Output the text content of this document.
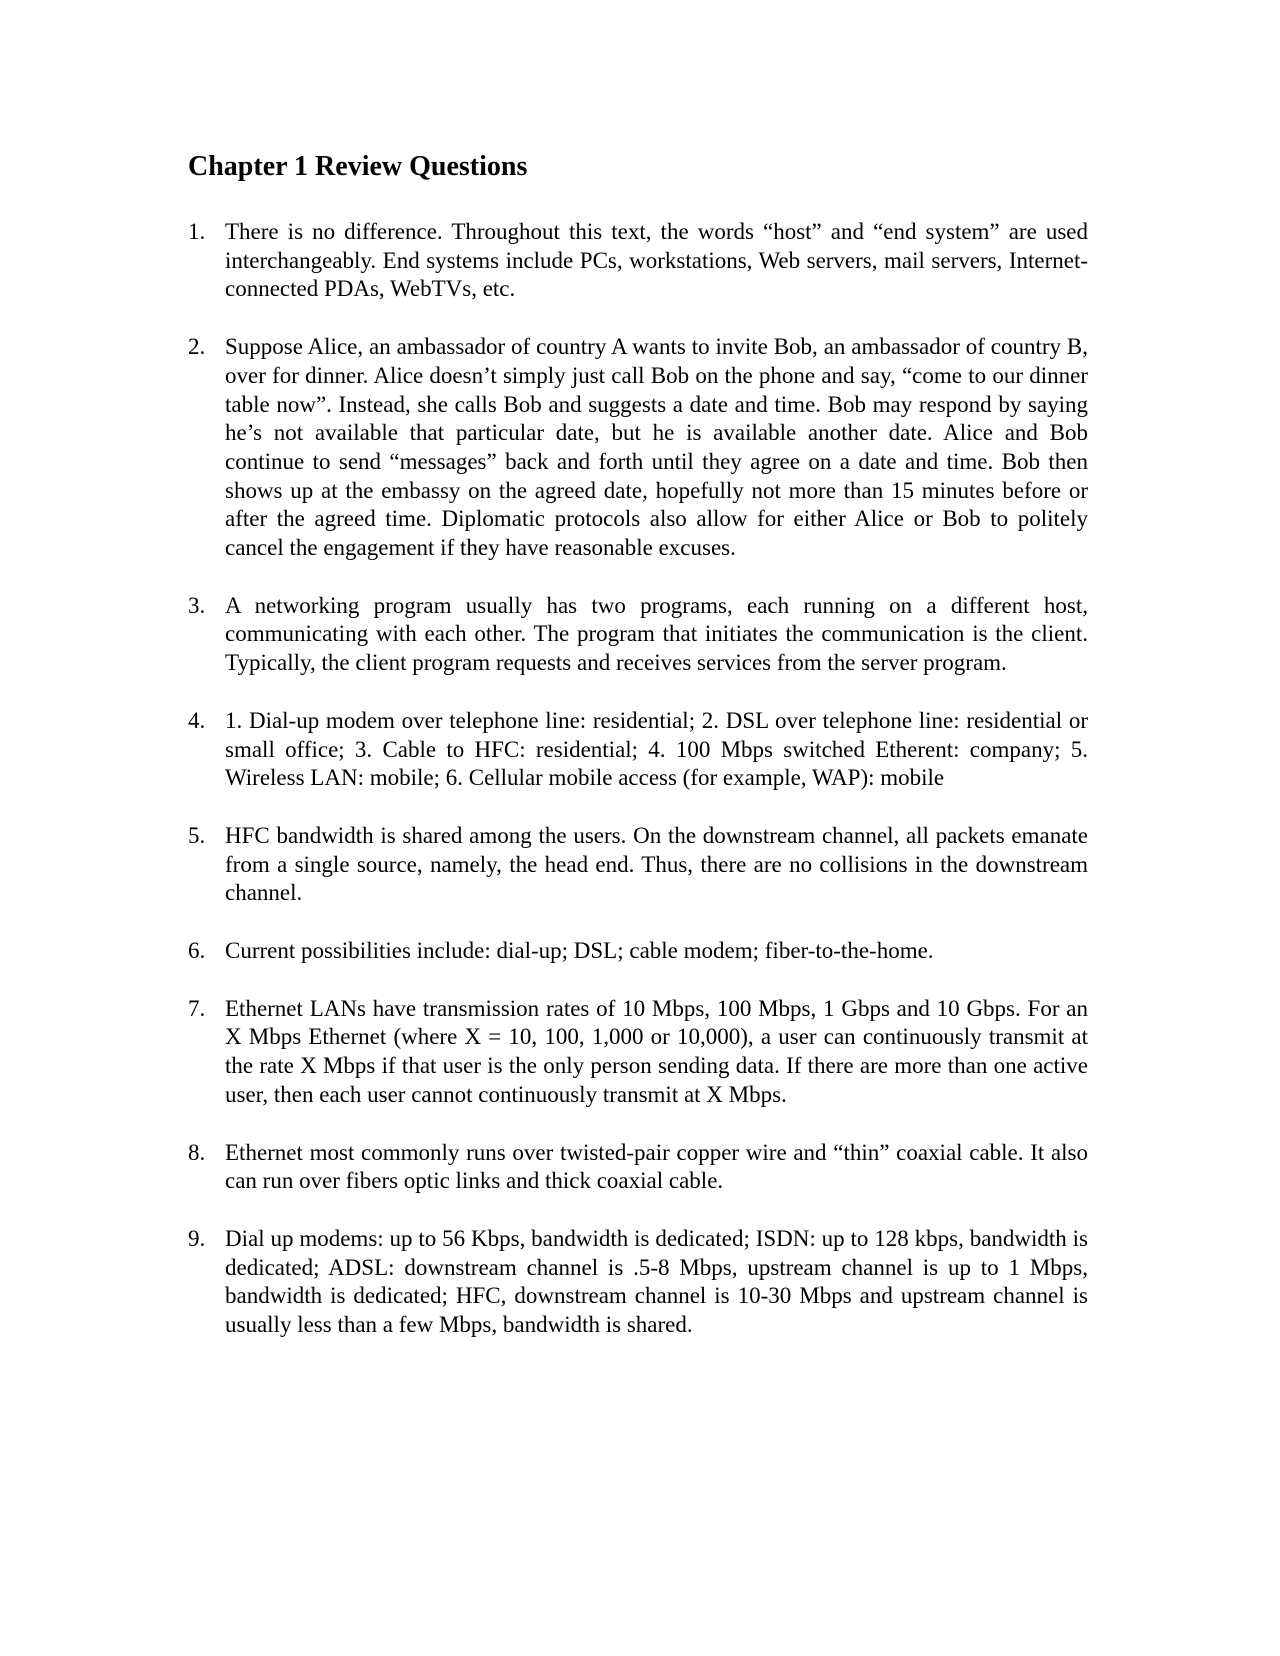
Chapter 1 Review Questions
1. There is no difference. Throughout this text, the words “host” and “end system” are used interchangeably. End systems include PCs, workstations, Web servers, mail servers, Internet-connected PDAs, WebTVs, etc.
2. Suppose Alice, an ambassador of country A wants to invite Bob, an ambassador of country B, over for dinner. Alice doesn’t simply just call Bob on the phone and say, “come to our dinner table now”. Instead, she calls Bob and suggests a date and time. Bob may respond by saying he’s not available that particular date, but he is available another date. Alice and Bob continue to send “messages” back and forth until they agree on a date and time. Bob then shows up at the embassy on the agreed date, hopefully not more than 15 minutes before or after the agreed time. Diplomatic protocols also allow for either Alice or Bob to politely cancel the engagement if they have reasonable excuses.
3. A networking program usually has two programs, each running on a different host, communicating with each other. The program that initiates the communication is the client. Typically, the client program requests and receives services from the server program.
4. 1. Dial-up modem over telephone line: residential; 2. DSL over telephone line: residential or small office; 3. Cable to HFC: residential; 4. 100 Mbps switched Etherent: company; 5. Wireless LAN: mobile; 6. Cellular mobile access (for example, WAP): mobile
5. HFC bandwidth is shared among the users. On the downstream channel, all packets emanate from a single source, namely, the head end. Thus, there are no collisions in the downstream channel.
6. Current possibilities include: dial-up; DSL; cable modem; fiber-to-the-home.
7. Ethernet LANs have transmission rates of 10 Mbps, 100 Mbps, 1 Gbps and 10 Gbps. For an X Mbps Ethernet (where X = 10, 100, 1,000 or 10,000), a user can continuously transmit at the rate X Mbps if that user is the only person sending data. If there are more than one active user, then each user cannot continuously transmit at X Mbps.
8. Ethernet most commonly runs over twisted-pair copper wire and “thin” coaxial cable. It also can run over fibers optic links and thick coaxial cable.
9. Dial up modems: up to 56 Kbps, bandwidth is dedicated; ISDN: up to 128 kbps, bandwidth is dedicated; ADSL: downstream channel is .5-8 Mbps, upstream channel is up to 1 Mbps, bandwidth is dedicated; HFC, downstream channel is 10-30 Mbps and upstream channel is usually less than a few Mbps, bandwidth is shared.
